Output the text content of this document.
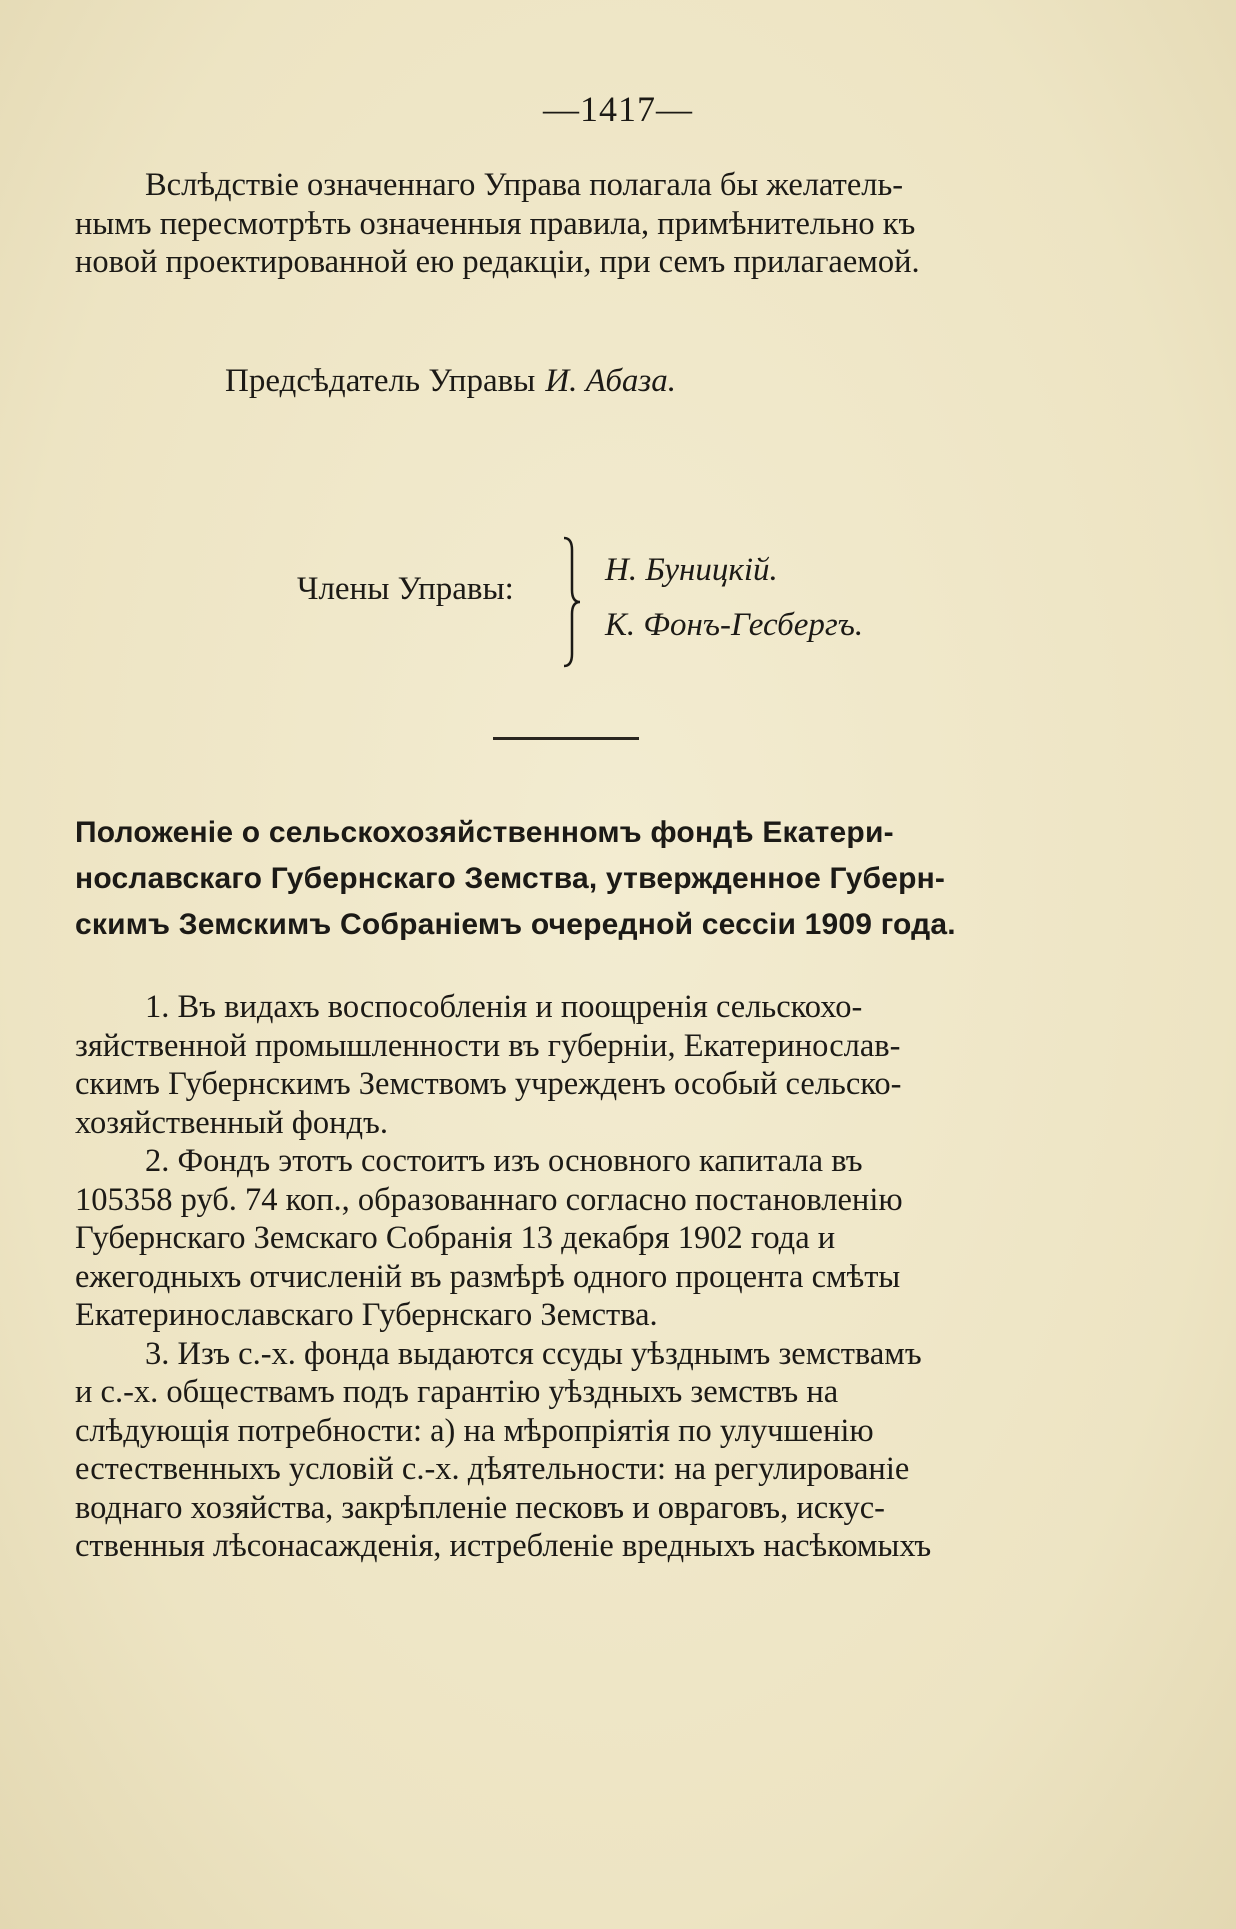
—1417—
Вслѣдствіе означеннаго Управа полагала бы желатель-
нымъ пересмотрѣть означенныя правила, примѣнительно къ
новой проектированной ею редакціи, при семъ прилагаемой.
Предсѣдатель Управы И. Абаза.
Члены Управы:
Н. Буницкій.
К. Фонъ-Гесбергъ.
Положеніе о сельскохозяйственномъ фондѣ Екатери-
нославскаго Губернскаго Земства, утвержденное Губерн-
скимъ Земскимъ Собраніемъ очередной сессіи 1909 года.
1. Въ видахъ воспособленія и поощренія сельскохо-
зяйственной промышленности въ губерніи, Екатеринослав-
скимъ Губернскимъ Земствомъ учрежденъ особый сельско-
хозяйственный фондъ.
2. Фондъ этотъ состоитъ изъ основного капитала въ
105358 руб. 74 коп., образованнаго согласно постановленію
Губернскаго Земскаго Собранія 13 декабря 1902 года и
ежегодныхъ отчисленій въ размѣрѣ одного процента смѣты
Екатеринославскаго Губернскаго Земства.
3. Изъ с.-х. фонда выдаются ссуды уѣзднымъ земствамъ
и с.-х. обществамъ подъ гарантію уѣздныхъ земствъ на
слѣдующія потребности: а) на мѣропріятія по улучшенію
естественныхъ условій с.-х. дѣятельности: на регулированіе
воднаго хозяйства, закрѣпленіе песковъ и овраговъ, искус-
ственныя лѣсонасажденія, истребленіе вредныхъ насѣкомыхъ
